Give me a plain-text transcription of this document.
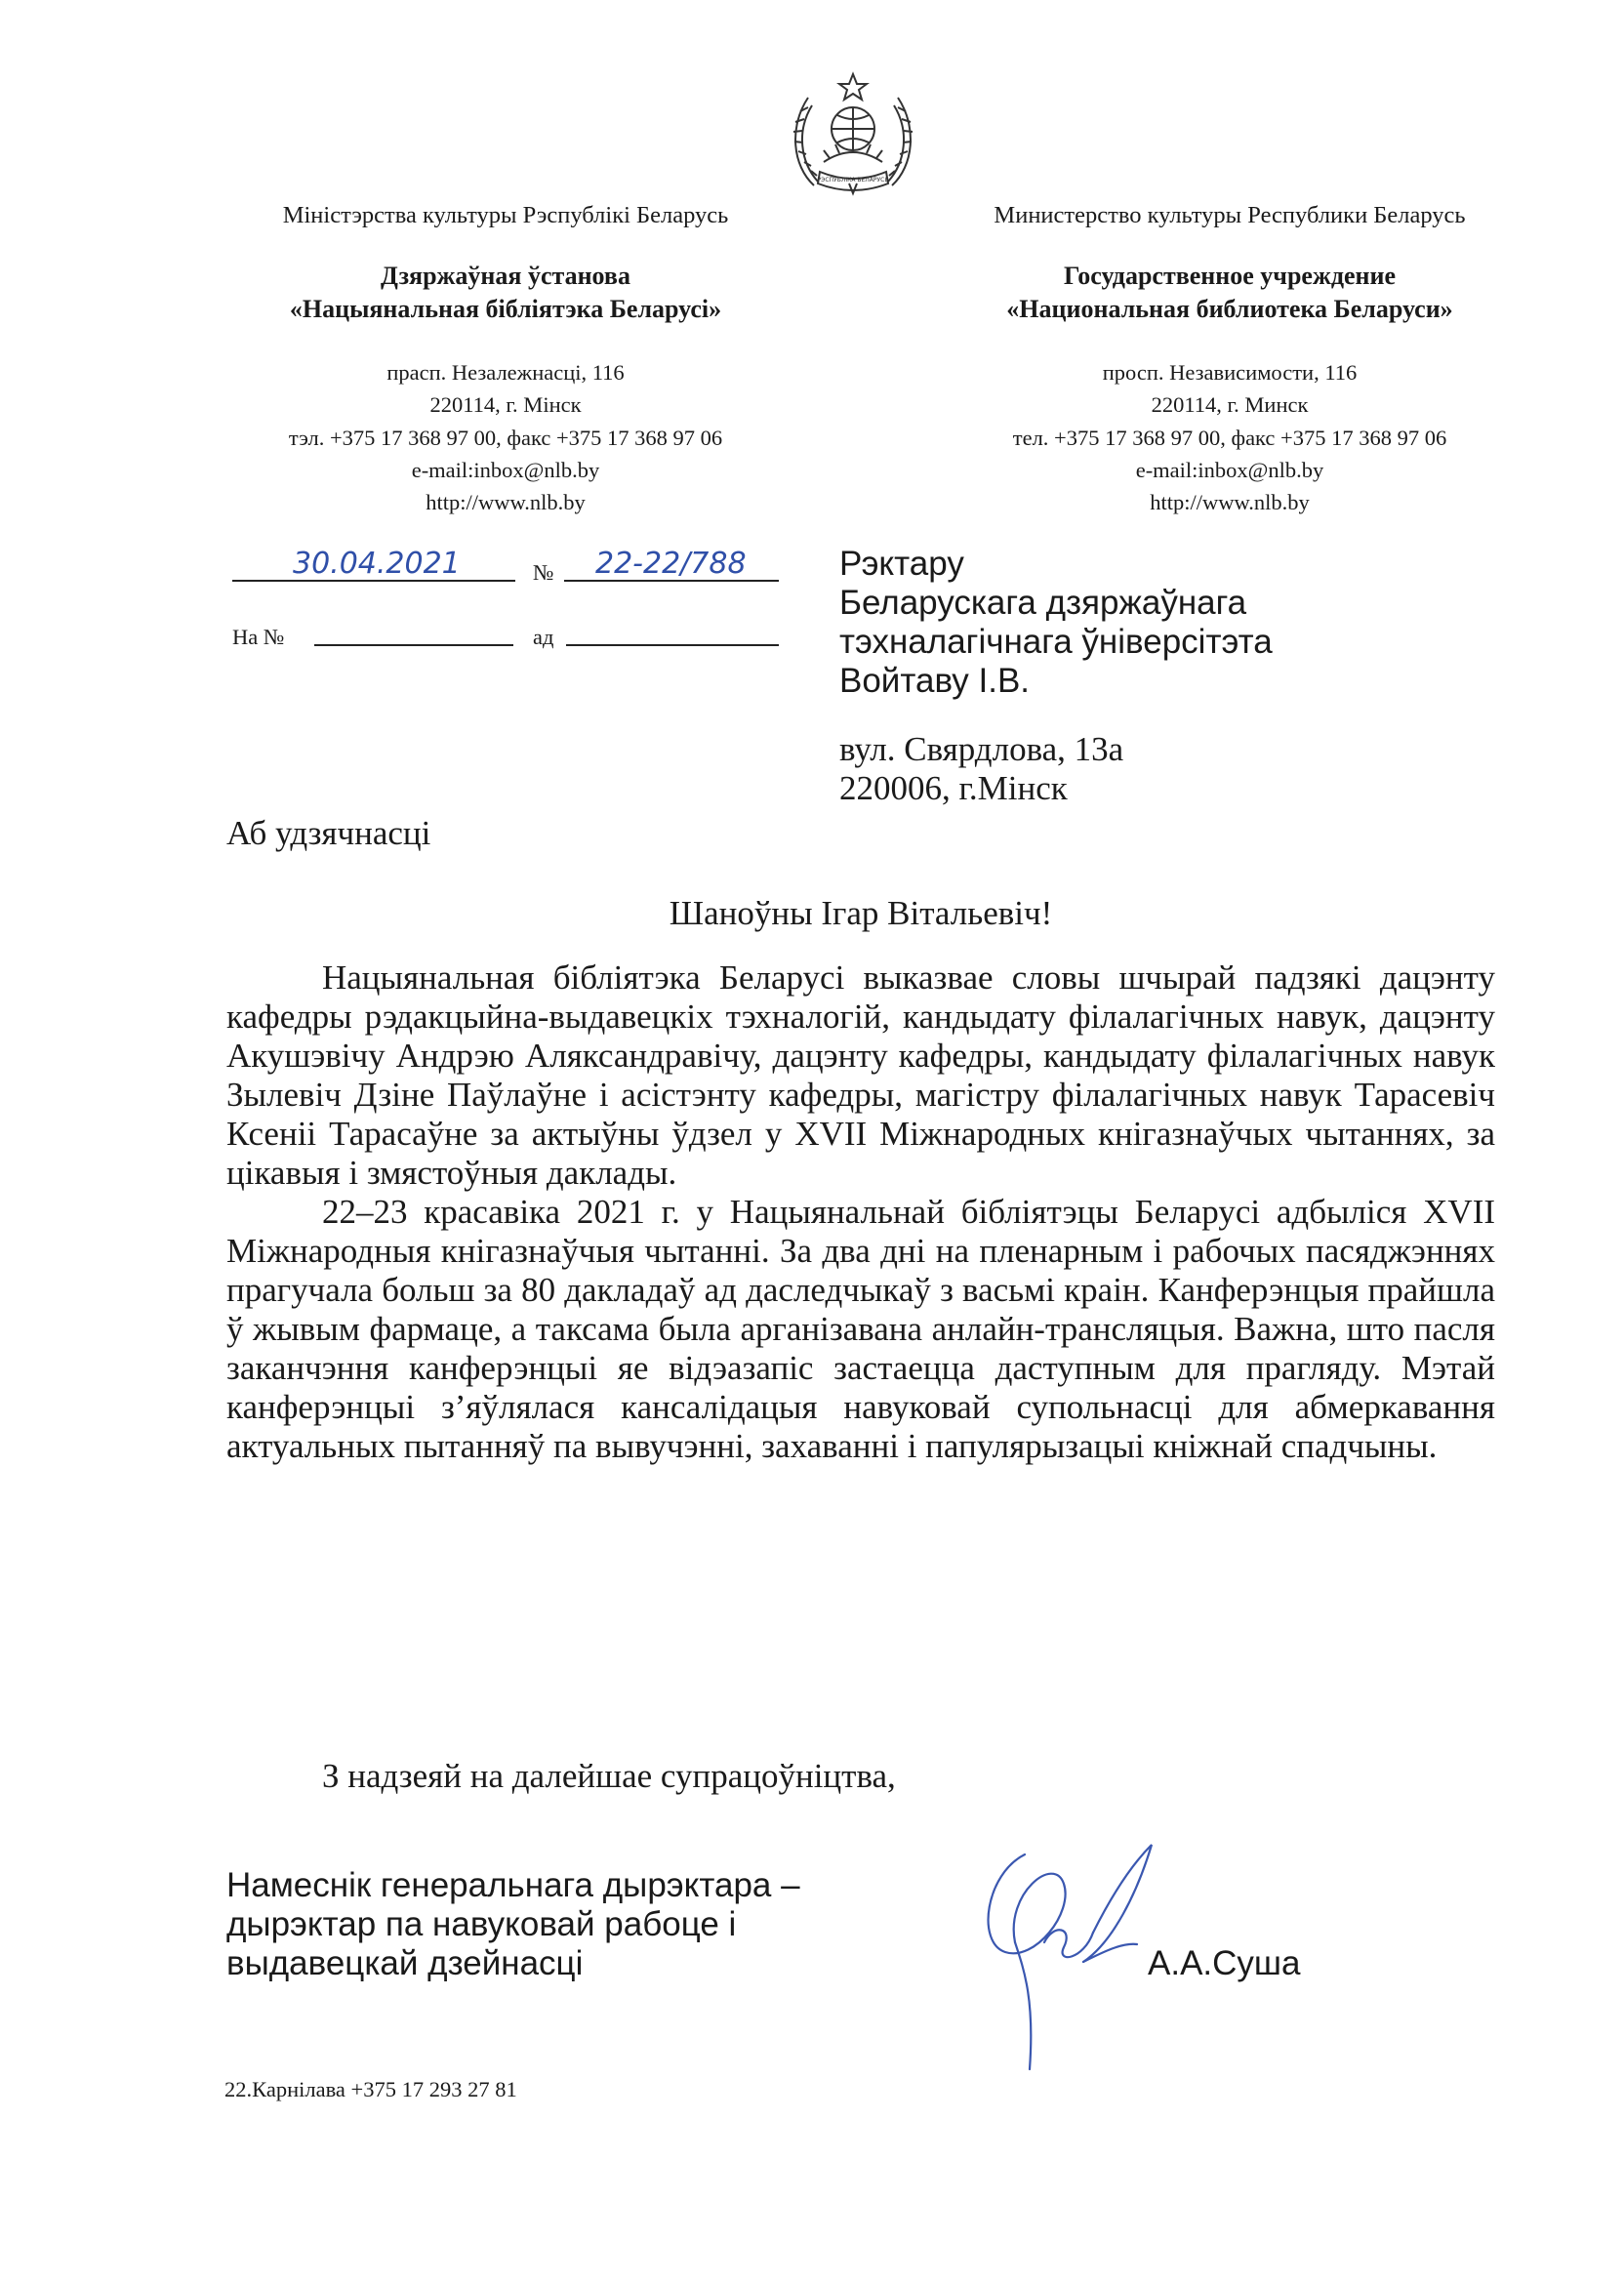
РЭСПУБЛІКА БЕЛАРУСЬ
Міністэрства культуры Рэспублікі Беларусь
Дзяржаўная ўстанова
«Нацыянальная бібліятэка Беларусі»
прасп. Незалежнасці, 116
220114, г. Мінск
тэл. +375 17 368 97 00, факс +375 17 368 97 06
e-mail:inbox@nlb.by
http://www.nlb.by
Министерство культуры Республики Беларусь
Государственное учреждение
«Национальная библиотека Беларуси»
просп. Независимости, 116
220114, г. Минск
тел. +375 17 368 97 00, факс +375 17 368 97 06
e-mail:inbox@nlb.by
http://www.nlb.by
30.04.2021	№ 22-22/788
На №	ад
Рэктару
Беларускага дзяржаўнага
тэхналагічнага ўніверсітэта
Войтаву І.В.
вул. Свярдлова, 13а
220006, г.Мінск
Аб удзячнасці
Шаноўны Ігар Вітальевіч!

Нацыянальная бібліятэка Беларусі выказвае словы шчырай падзякі дацэнту кафедры рэдакцыйна-выдавецкіх тэхналогій, кандыдату філалагічных навук, дацэнту Акушэвічу Андрэю Аляксандравічу, дацэнту кафедры, кандыдату філалагічных навук Зылевіч Дзіне Паўлаўне і асістэнту кафедры, магістру філалагічных навук Тарасевіч Ксеніі Тарасаўне за актыўны ўдзел у XVII Міжнародных кнігазнаўчых чытаннях, за цікавыя і змястоўныя даклады.

22–23 красавіка 2021 г. у Нацыянальнай бібліятэцы Беларусі адбыліся XVII Міжнародныя кнігазнаўчыя чытанні. За два дні на пленарным і рабочых пасяджэннях прагучала больш за 80 дакладаў ад даследчыкаў з васьмі краін. Канферэнцыя прайшла ў жывым фармаце, а таксама была арганізавана анлайн-трансляцыя. Важна, што пасля заканчэння канферэнцыі яе відэазапіс застаецца даступным для прагляду. Мэтай канферэнцыі з’яўлялася кансалідацыя навуковай супольнасці для абмеркавання актуальных пытанняў па вывучэнні, захаванні і папулярызацыі кніжнай спадчыны.

З надзеяй на далейшае супрацоўніцтва,
Намеснік генеральнага дырэктара –
дырэктар па навуковай рабоце і
выдавецкай дзейнасці	А.А.Суша
22.Карнілава +375 17 293 27 81
